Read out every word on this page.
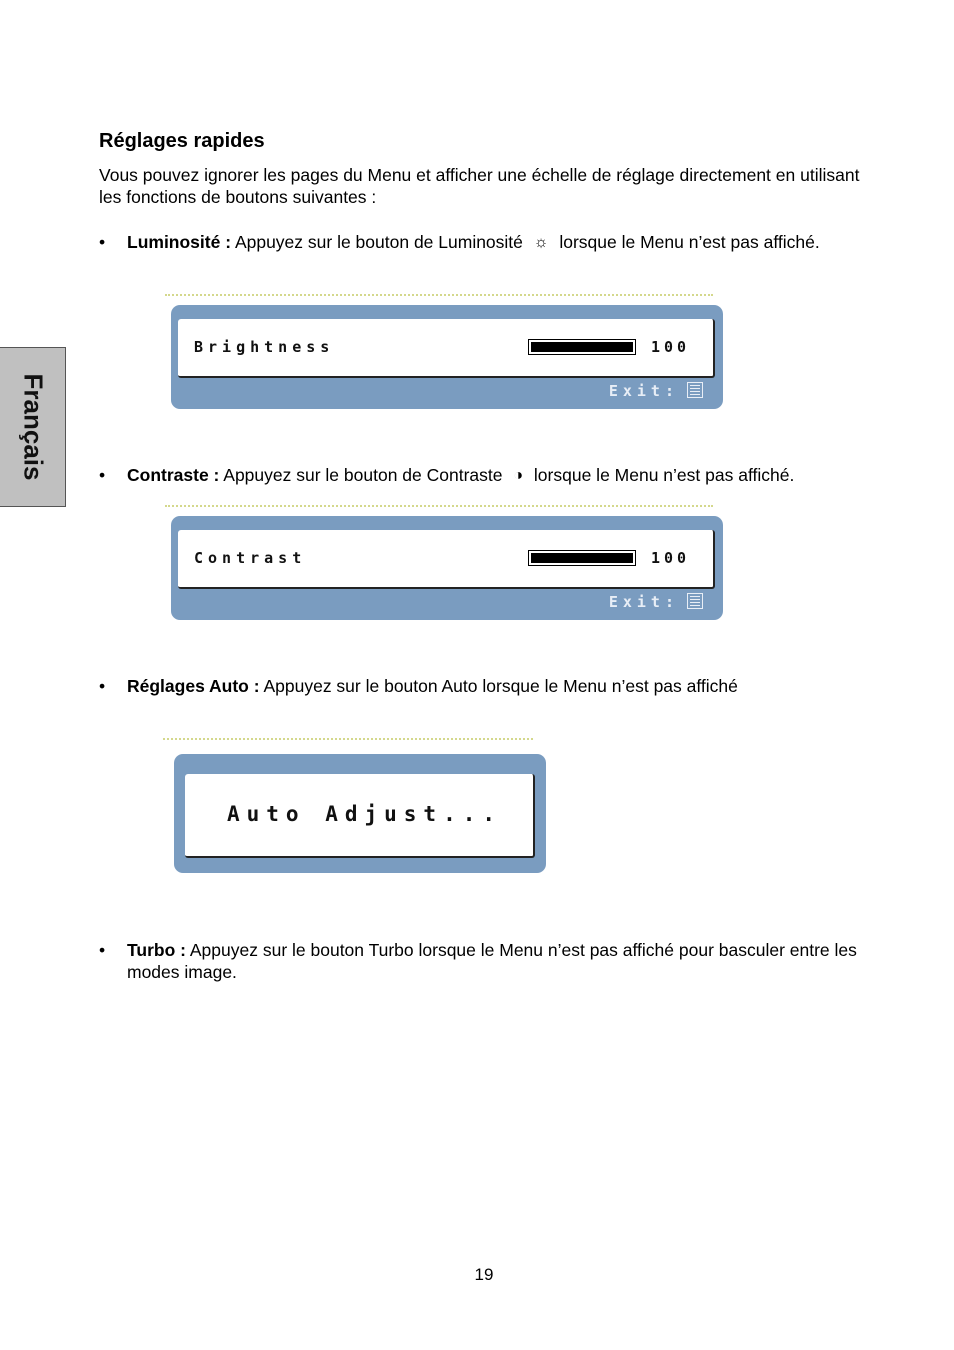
Français
Réglages rapides

Vous pouvez ignorer les pages du Menu et afficher une échelle de réglage directement en utilisant les fonctions de boutons suivantes :

• Luminosité : Appuyez sur le bouton de Luminosité ☼ lorsque le Menu n’est pas affiché.

Brightness	100
Exit:

• Contraste : Appuyez sur le bouton de Contraste ◑ lorsque le Menu n’est pas affiché.

Contrast	100
Exit:

• Réglages Auto : Appuyez sur le bouton Auto lorsque le Menu n’est pas affiché

Auto Adjust...

• Turbo : Appuyez sur le bouton Turbo lorsque le Menu n’est pas affiché pour basculer entre les modes image.

19
